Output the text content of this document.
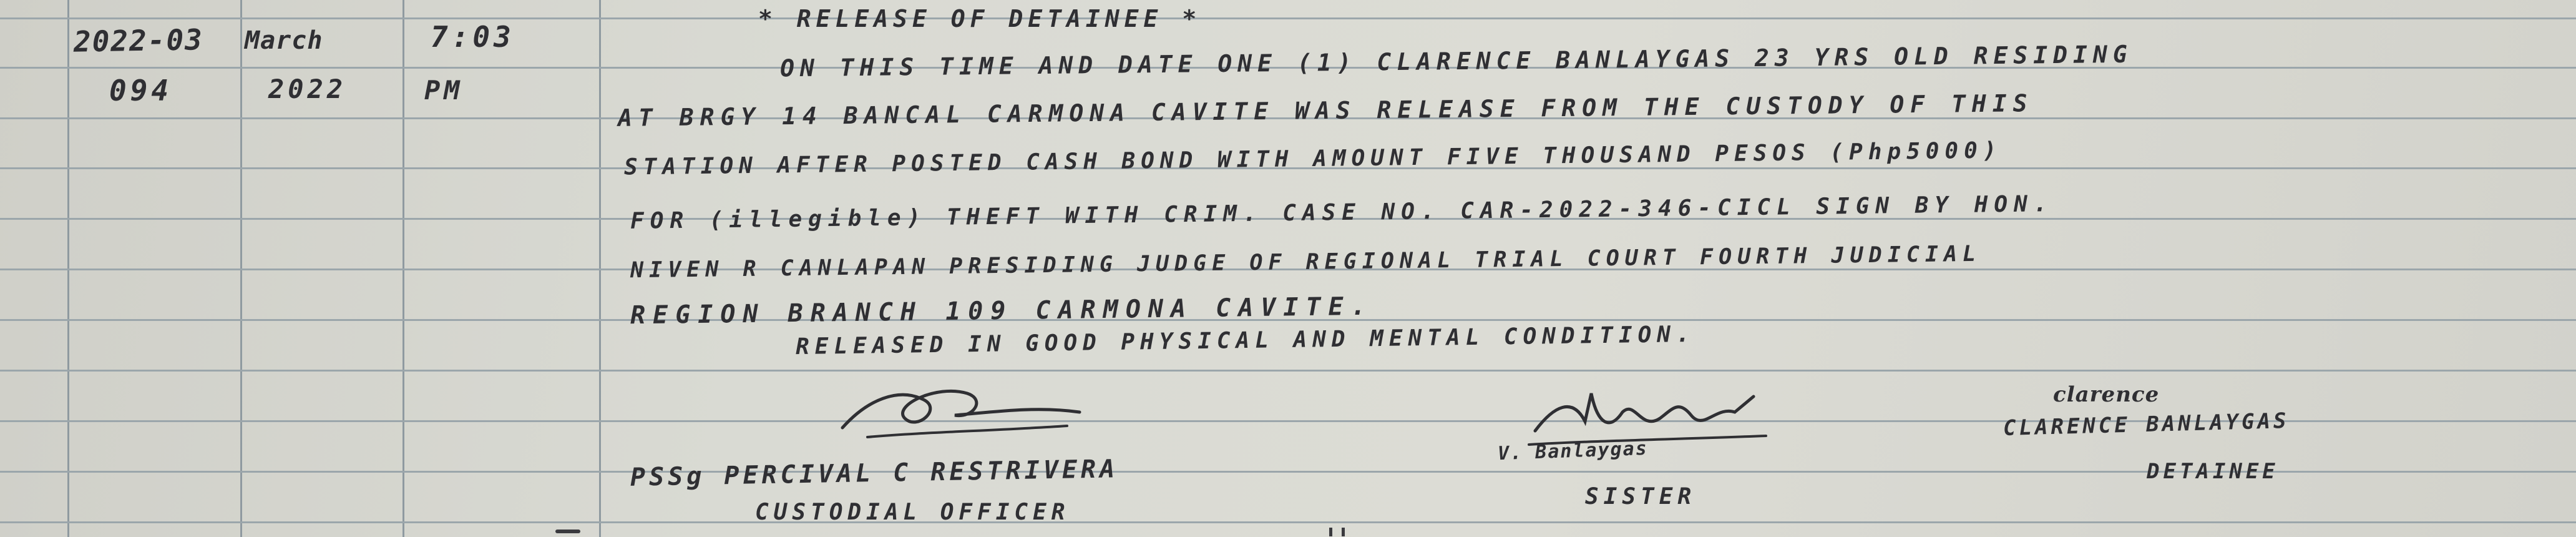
2022-03
094
March
2022
7:03
PM
* RELEASE OF DETAINEE *
ON THIS TIME AND DATE ONE (1) CLARENCE BANLAYGAS 23 YRS OLD RESIDING
AT BRGY 14 BANCAL CARMONA CAVITE WAS RELEASE FROM THE CUSTODY OF THIS
STATION AFTER POSTED CASH BOND WITH AMOUNT FIVE THOUSAND PESOS (Php5000)
FOR (illegible) THEFT WITH CRIM. CASE NO. CAR-2022-346-CICL SIGN BY HON.
NIVEN R CANLAPAN PRESIDING JUDGE OF REGIONAL TRIAL COURT FOURTH JUDICIAL
REGION BRANCH 109 CARMONA CAVITE.
RELEASED IN GOOD PHYSICAL AND MENTAL CONDITION.
PSSg PERCIVAL C RESTRIVERA
CUSTODIAL OFFICER
V. Banlaygas
SISTER
clarence
CLARENCE BANLAYGAS
DETAINEE
